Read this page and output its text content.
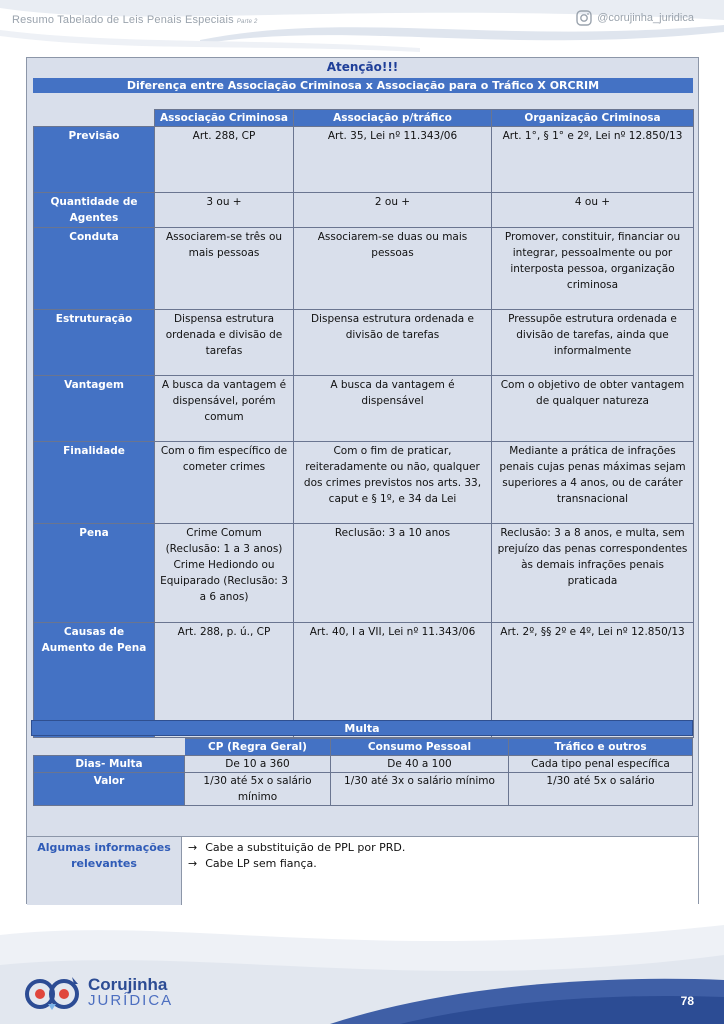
Resumo Tabelado de Leis Penais Especiais Parte 2	@corujinha_juridica
Atenção!!!
Diferença entre Associação Criminosa x Associação para o Tráfico X ORCRIM
	Associação Criminosa	Associação p/tráfico	Organização Criminosa
Previsão	Art. 288, CP	Art. 35, Lei nº 11.343/06	Art. 1°, § 1° e 2º, Lei nº 12.850/13
Quantidade de Agentes	3 ou +	2 ou +	4 ou +
Conduta	Associarem-se três ou mais pessoas	Associarem-se duas ou mais pessoas	Promover, constituir, financiar ou integrar, pessoalmente ou por interposta pessoa, organização criminosa
Estruturação	Dispensa estrutura ordenada e divisão de tarefas	Dispensa estrutura ordenada e divisão de tarefas	Pressupõe estrutura ordenada e divisão de tarefas, ainda que informalmente
Vantagem	A busca da vantagem é dispensável, porém comum	A busca da vantagem é dispensável	Com o objetivo de obter vantagem de qualquer natureza
Finalidade	Com o fim específico de cometer crimes	Com o fim de praticar, reiteradamente ou não, qualquer dos crimes previstos nos arts. 33, caput e § 1º, e 34 da Lei	Mediante a prática de infrações penais cujas penas máximas sejam superiores a 4 anos, ou de caráter transnacional
Pena	Crime Comum (Reclusão: 1 a 3 anos) Crime Hediondo ou Equiparado (Reclusão: 3 a 6 anos)	Reclusão: 3 a 10 anos	Reclusão: 3 a 8 anos, e multa, sem prejuízo das penas correspondentes às demais infrações penais praticada
Causas de Aumento de Pena	Art. 288, p. ú., CP	Art. 40, I a VII, Lei nº 11.343/06	Art. 2º, §§ 2º e 4º, Lei nº 12.850/13
Multa
	CP (Regra Geral)	Consumo Pessoal	Tráfico e outros
Dias- Multa	De 10 a 360	De 40 a 100	Cada tipo penal específica
Valor	1/30 até 5x o salário mínimo	1/30 até 3x o salário mínimo	1/30 até 5x o salário
Algumas informações relevantes
→ Cabe a substituição de PPL por PRD.
→ Cabe LP sem fiança.
Corujinha
JURÍDICA	78
